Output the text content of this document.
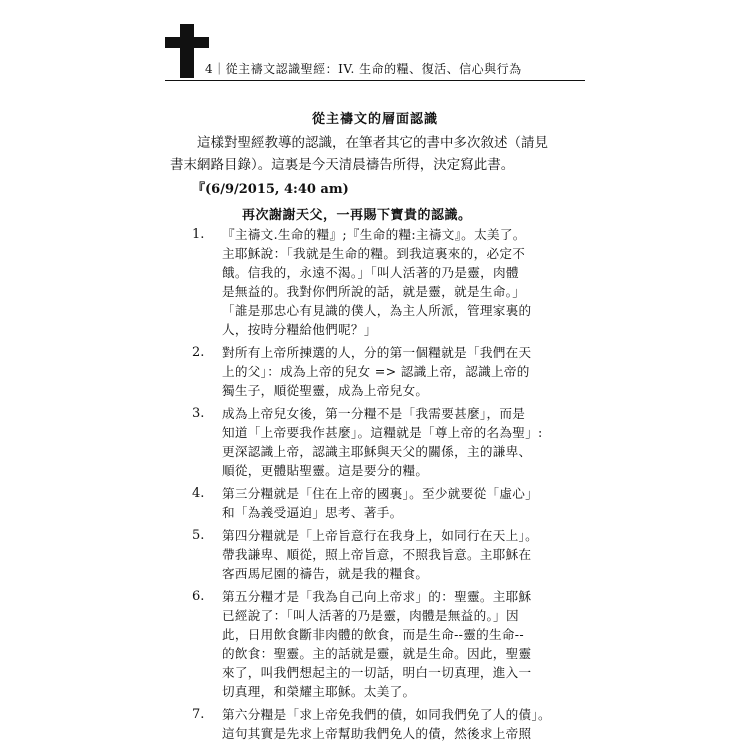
4｜從主禱文認識聖經：IV. 生命的糧、復活、信心與行為
從主禱文的層面認識
這樣對聖經教導的認識，在筆者其它的書中多次敘述（請見書末網路目錄）。這裏是今天清晨禱告所得，決定寫此書。
『(6/9/2015, 4:40 am)
再次謝謝天父，一再賜下寶貴的認識。
1.	『主禱文.生命的糧』;『生命的糧:主禱文』。太美了。
主耶穌說：「我就是生命的糧。到我這裏來的，必定不
餓。信我的，永遠不渴。」「叫人活著的乃是靈，肉體
是無益的。我對你們所說的話，就是靈，就是生命。」
「誰是那忠心有見識的僕人，為主人所派，管理家裏的
人，按時分糧給他們呢？」
2.	對所有上帝所揀選的人，分的第一個糧就是「我們在天
上的父」：成為上帝的兒女 => 認識上帝，認識上帝的
獨生子，順從聖靈，成為上帝兒女。
3.	成為上帝兒女後，第一分糧不是「我需要甚麼」，而是
知道「上帝要我作甚麼」。這糧就是「尊上帝的名為聖」:
更深認識上帝，認識主耶穌與天父的關係，主的謙卑、
順從，更體貼聖靈。這是要分的糧。
4.	第三分糧就是「住在上帝的國裏」。至少就要從「虛心」
和「為義受逼迫」思考、著手。
5.	第四分糧就是「上帝旨意行在我身上，如同行在天上」。
帶我謙卑、順從，照上帝旨意，不照我旨意。主耶穌在
客西馬尼園的禱告，就是我的糧食。
6.	第五分糧才是「我為自己向上帝求」的：聖靈。主耶穌
已經說了：「叫人活著的乃是靈，肉體是無益的。」因
此，日用飲食斷非肉體的飲食，而是生命--靈的生命--
的飲食：聖靈。主的話就是靈，就是生命。因此，聖靈
來了，叫我們想起主的一切話，明白一切真理，進入一
切真理，和榮耀主耶穌。太美了。
7.	第六分糧是「求上帝免我們的債，如同我們免了人的債」。
這句其實是先求上帝幫助我們免人的債，然後求上帝照
